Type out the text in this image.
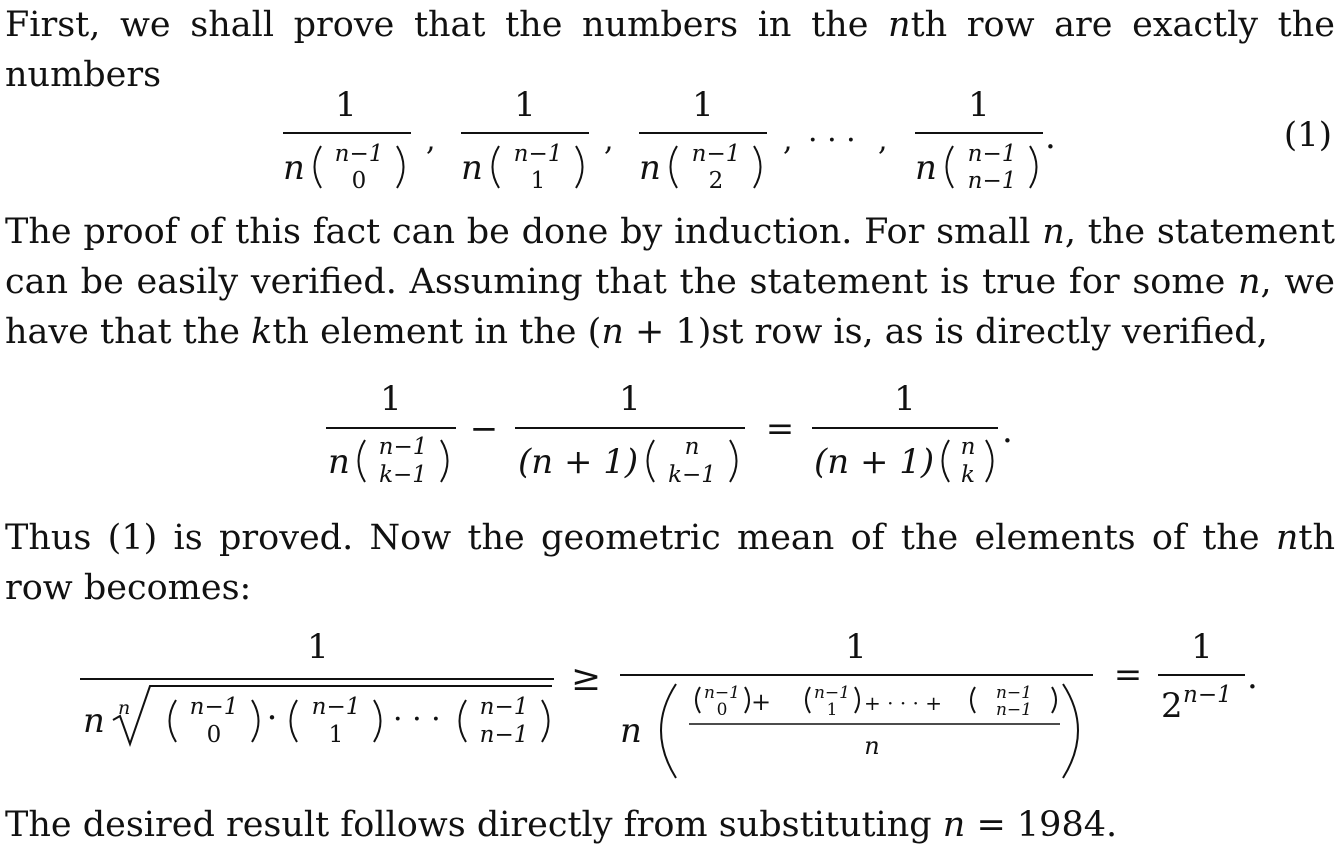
First, we shall prove that the numbers in the nth row are exactly the numbers

1
n n−1
0
,
1
n n−1
1
,
1
n n−1
2
, · · · ,
1
n n−1
n−1
.	(1)

The proof of this fact can be done by induction. For small n, the statement can be easily verified. Assuming that the statement is true for some n, we have that the kth element in the (n + 1)st row is, as is directly verified,

1
n n−1
k−1
−
1
(n + 1) n
k−1
=
1
(n + 1) n
k
.

Thus (1) is proved. Now the geometric mean of the elements of the nth row becomes:

1
n n	n−1
0 · n−1
1 · · · n−1
n−1
≥
1
n
n−1
0 +	n−1
1 + · · · +	n−1
n−1
n
=
1
2 n−1 .

The desired result follows directly from substituting n = 1984.
